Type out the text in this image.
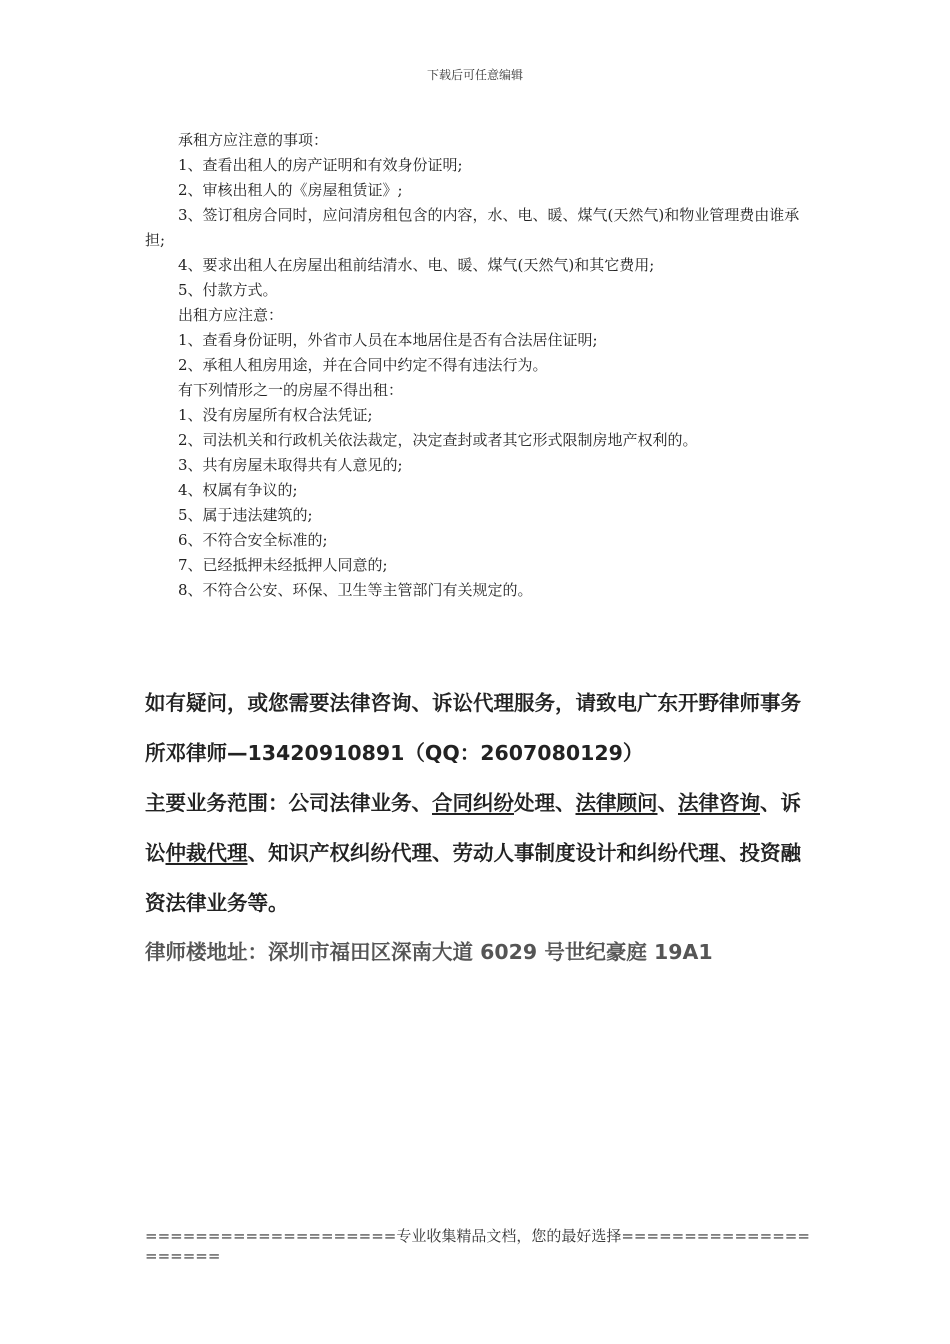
下载后可任意编辑
承租方应注意的事项：
1、查看出租人的房产证明和有效身份证明;
2、审核出租人的《房屋租赁证》;
3、签订租房合同时，应问清房租包含的内容，水、电、暖、煤气(天然气)和物业管理费由谁承担;
4、要求出租人在房屋出租前结清水、电、暖、煤气(天然气)和其它费用;
5、付款方式。
出租方应注意：
1、查看身份证明，外省市人员在本地居住是否有合法居住证明;
2、承租人租房用途，并在合同中约定不得有违法行为。
有下列情形之一的房屋不得出租：
1、没有房屋所有权合法凭证;
2、司法机关和行政机关依法裁定，决定查封或者其它形式限制房地产权利的。
3、共有房屋未取得共有人意见的;
4、权属有争议的;
5、属于违法建筑的;
6、不符合安全标准的;
7、已经抵押未经抵押人同意的;
8、不符合公安、环保、卫生等主管部门有关规定的。

如有疑问，或您需要法律咨询、诉讼代理服务，请致电广东开野律师事务所邓律师—13420910891（QQ：2607080129）

主要业务范围：公司法律业务、合同纠纷处理、法律顾问、法律咨询、诉讼仲裁代理、知识产权纠纷代理、劳动人事制度设计和纠纷代理、投资融资法律业务等。

律师楼地址：深圳市福田区深南大道 6029 号世纪豪庭 19A1

====================专业收集精品文档，您的最好选择=====================
